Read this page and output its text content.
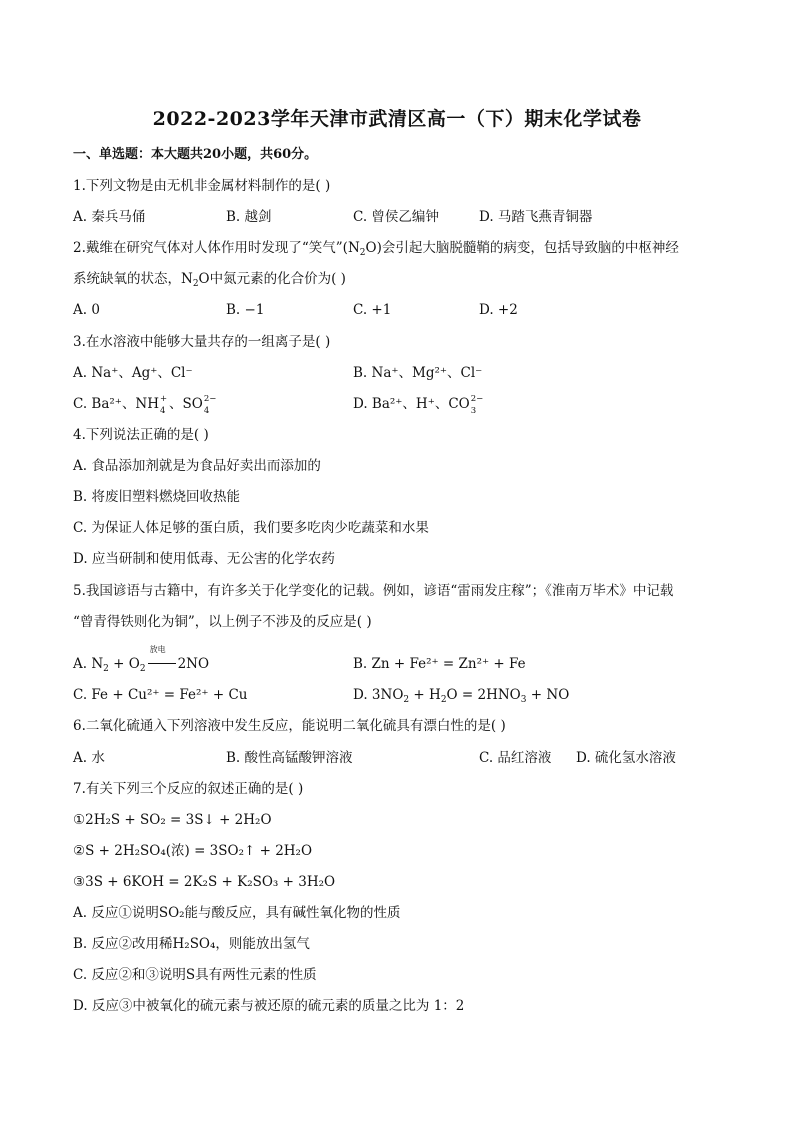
2022-2023学年天津市武清区高一（下）期末化学试卷
一、单选题：本大题共20小题，共60分。
1.下列文物是由无机非金属材料制作的是( )
A. 秦兵马俑	B. 越剑	C. 曾侯乙编钟	D. 马踏飞燕青铜器
2.戴维在研究气体对人体作用时发现了“笑气$”(N_2O)$会引起大脑脱髓鞘的病变，包括导致脑的中枢神经
系统缺氧的状态，$N_2O$中氮元素的化合价为( )
A. 0	B. −1	C. +1	D. +2
3.在水溶液中能够大量共存的一组离子是( )
A. Na⁺、Ag⁺、Cl⁻	B. Na⁺、Mg²⁺、Cl⁻
C. Ba²⁺、NH +
4 、SO 2−
4	D. Ba²⁺、H⁺、CO 2−
3
4.下列说法正确的是( )
A. 食品添加剂就是为食品好卖出而添加的
B. 将废旧塑料燃烧回收热能
C. 为保证人体足够的蛋白质，我们要多吃肉少吃蔬菜和水果
D. 应当研制和使用低毒、无公害的化学农药
5.我国谚语与古籍中，有许多关于化学变化的记载。例如，谚语“雷雨发庄稼”；《淮南万毕术》中记载
“曾青得铁则化为铜”，以上例子不涉及的反应是( )
A. $N_2 + O_2$
放电
2NO	B. Zn + Fe²⁺ = Zn²⁺ + Fe
C. Fe + Cu²⁺ = Fe²⁺ + Cu	D. $3NO_2 + H_2O = 2HNO_3$ + NO
6.二氧化硫通入下列溶液中发生反应，能说明二氧化硫具有漂白性的是( )
A. 水	B. 酸性高锰酸钾溶液	C. 品红溶液 D. 硫化氢水溶液
7.有关下列三个反应的叙述正确的是( )
①2H₂S + SO₂ = 3S↓ + 2H₂O
②S + 2H₂SO₄(浓) = 3SO₂↑ + 2H₂O
③3S + 6KOH = 2K₂S + K₂SO₃ + 3H₂O
A. 反应①说明SO₂能与酸反应，具有碱性氧化物的性质
B. 反应②改用稀H₂SO₄，则能放出氢气
C. 反应②和③说明S具有两性元素的性质
D. 反应③中被氧化的硫元素与被还原的硫元素的质量之比为 1：2
